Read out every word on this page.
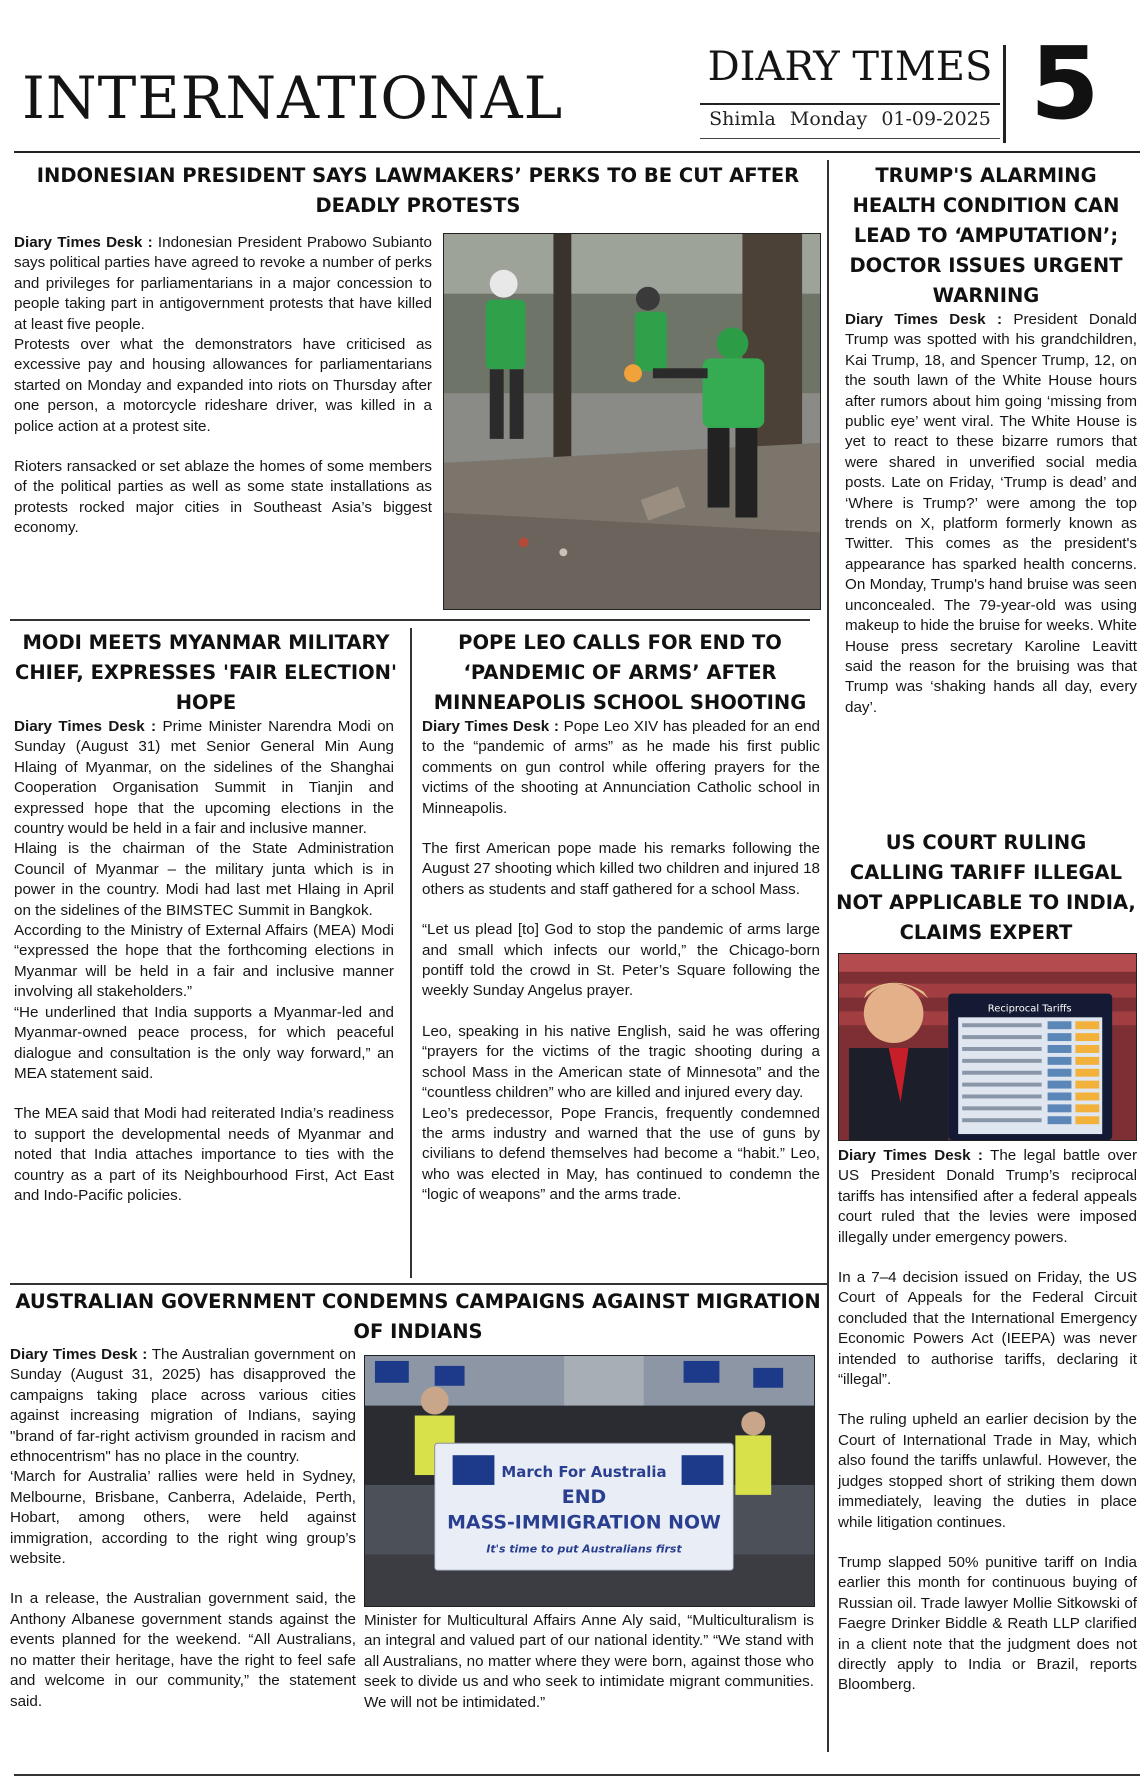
INTERNATIONAL	DIARY TIMES
Shimla Monday 01-09-2025 5
INDONESIAN PRESIDENT SAYS LAWMAKERS’ PERKS TO BE CUT AFTER DEADLY PROTESTS

Diary Times Desk : Indonesian President Prabowo Subianto says political parties have agreed to revoke a number of perks and privileges for parliamentarians in a major concession to people taking part in antigovernment protests that have killed at least five people.

Protests over what the demonstrators have criticised as excessive pay and housing allowances for parliamentarians started on Monday and expanded into riots on Thursday after one person, a motorcycle rideshare driver, was killed in a police action at a protest site.

Rioters ransacked or set ablaze the homes of some members of the political parties as well as some state installations as protests rocked major cities in Southeast Asia’s biggest economy.

MODI MEETS MYANMAR MILITARY CHIEF, EXPRESSES 'FAIR ELECTION' HOPE

Diary Times Desk : Prime Minister Narendra Modi on Sunday (August 31) met Senior General Min Aung Hlaing of Myanmar, on the sidelines of the Shanghai Cooperation Organisation Summit in Tianjin and expressed hope that the upcoming elections in the country would be held in a fair and inclusive manner.

Hlaing is the chairman of the State Administration Council of Myanmar – the military junta which is in power in the country. Modi had last met Hlaing in April on the sidelines of the BIMSTEC Summit in Bangkok.

According to the Ministry of External Affairs (MEA) Modi “expressed the hope that the forthcoming elections in Myanmar will be held in a fair and inclusive manner involving all stakeholders.”

“He underlined that India supports a Myanmar-led and Myanmar-owned peace process, for which peaceful dialogue and consultation is the only way forward,” an MEA statement said.

The MEA said that Modi had reiterated India’s readiness to support the developmental needs of Myanmar and noted that India attaches importance to ties with the country as a part of its Neighbourhood First, Act East and Indo-Pacific policies.

POPE LEO CALLS FOR END TO ‘PANDEMIC OF ARMS’ AFTER MINNEAPOLIS SCHOOL SHOOTING

Diary Times Desk : Pope Leo XIV has pleaded for an end to the “pandemic of arms” as he made his first public comments on gun control while offering prayers for the victims of the shooting at Annunciation Catholic school in Minneapolis.

The first American pope made his remarks following the August 27 shooting which killed two children and injured 18 others as students and staff gathered for a school Mass.

“Let us plead [to] God to stop the pandemic of arms large and small which infects our world,” the Chicago-born pontiff told the crowd in St. Peter’s Square following the weekly Sunday Angelus prayer.

Leo, speaking in his native English, said he was offering “prayers for the victims of the tragic shooting during a school Mass in the American state of Minnesota” and the “countless children” who are killed and injured every day.

Leo’s predecessor, Pope Francis, frequently condemned the arms industry and warned that the use of guns by civilians to defend themselves had become a “habit.” Leo, who was elected in May, has continued to condemn the “logic of weapons” and the arms trade.

AUSTRALIAN GOVERNMENT CONDEMNS CAMPAIGNS AGAINST MIGRATION OF INDIANS

Diary Times Desk : The Australian government on Sunday (August 31, 2025) has disapproved the campaigns taking place across various cities against increasing migration of Indians, saying "brand of far-right activism grounded in racism and ethnocentrism" has no place in the country.

‘March for Australia’ rallies were held in Sydney, Melbourne, Brisbane, Canberra, Adelaide, Perth, Hobart, among others, were held against immigration, according to the right wing group’s website.

In a release, the Australian government said, the Anthony Albanese government stands against the events planned for the weekend. “All Australians, no matter their heritage, have the right to feel safe and welcome in our community,” the statement said.

March For Australia
END
MASS-IMMIGRATION NOW
It's time to put Australians first

Minister for Multicultural Affairs Anne Aly said, “Multiculturalism is an integral and valued part of our national identity.” “We stand with all Australians, no matter where they were born, against those who seek to divide us and who seek to intimidate migrant communities. We will not be intimidated.”

TRUMP'S ALARMING HEALTH CONDITION CAN LEAD TO ‘AMPUTATION’; DOCTOR ISSUES URGENT WARNING

Diary Times Desk : President Donald Trump was spotted with his grandchildren, Kai Trump, 18, and Spencer Trump, 12, on the south lawn of the White House hours after rumors about him going ‘missing from public eye’ went viral. The White House is yet to react to these bizarre rumors that were shared in unverified social media posts. Late on Friday, ‘Trump is dead’ and ‘Where is Trump?’ were among the top trends on X, platform formerly known as Twitter. This comes as the president's appearance has sparked health concerns. On Monday, Trump's hand bruise was seen unconcealed. The 79-year-old was using makeup to hide the bruise for weeks. White House press secretary Karoline Leavitt said the reason for the bruising was that Trump was ‘shaking hands all day, every day’.

US COURT RULING CALLING TARIFF ILLEGAL NOT APPLICABLE TO INDIA, CLAIMS EXPERT
Reciprocal Tariffs

Diary Times Desk : The legal battle over US President Donald Trump’s reciprocal tariffs has intensified after a federal appeals court ruled that the levies were imposed illegally under emergency powers.

In a 7–4 decision issued on Friday, the US Court of Appeals for the Federal Circuit concluded that the International Emergency Economic Powers Act (IEEPA) was never intended to authorise tariffs, declaring it “illegal”.

The ruling upheld an earlier decision by the Court of International Trade in May, which also found the tariffs unlawful. However, the judges stopped short of striking them down immediately, leaving the duties in place while litigation continues.

Trump slapped 50% punitive tariff on India earlier this month for continuous buying of Russian oil. Trade lawyer Mollie Sitkowski of Faegre Drinker Biddle & Reath LLP clarified in a client note that the judgment does not directly apply to India or Brazil, reports Bloomberg.
